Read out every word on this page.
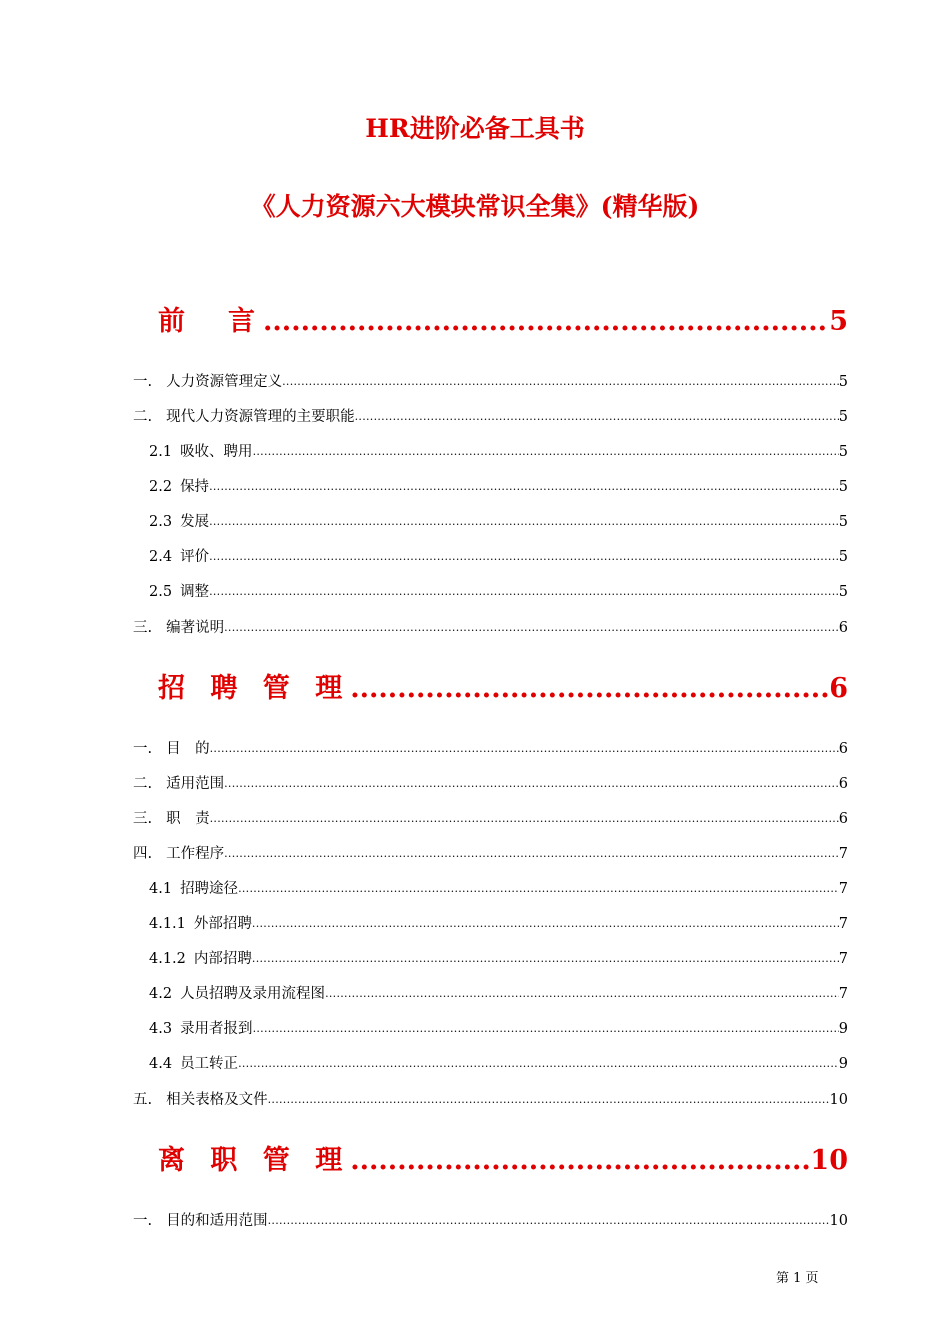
HR进阶必备工具书
《人力资源六大模块常识全集》(精华版)
前　言 .....	5
一. 人力资源管理定义 .....	5
二. 现代人力资源管理的主要职能 .....	5
2.1 吸收、聘用 .....	5
2.2 保持 .....	5
2.3 发展 .....	5
2.4 评价 .....	5
2.5 调整 .....	5
三. 编著说明 .....	6
招 聘 管 理 .....	6
一. 目　的 .....	6
二. 适用范围 .....	6
三. 职　责 .....	6
四. 工作程序 .....	7
4.1 招聘途径 .....	7
4.1.1 外部招聘 .....	7
4.1.2 内部招聘 .....	7
4.2 人员招聘及录用流程图 .....	7
4.3 录用者报到 .....	9
4.4 员工转正 .....	9
五. 相关表格及文件 .....	10
离 职 管 理 .....	10
一. 目的和适用范围 .....	10
第 1 页
